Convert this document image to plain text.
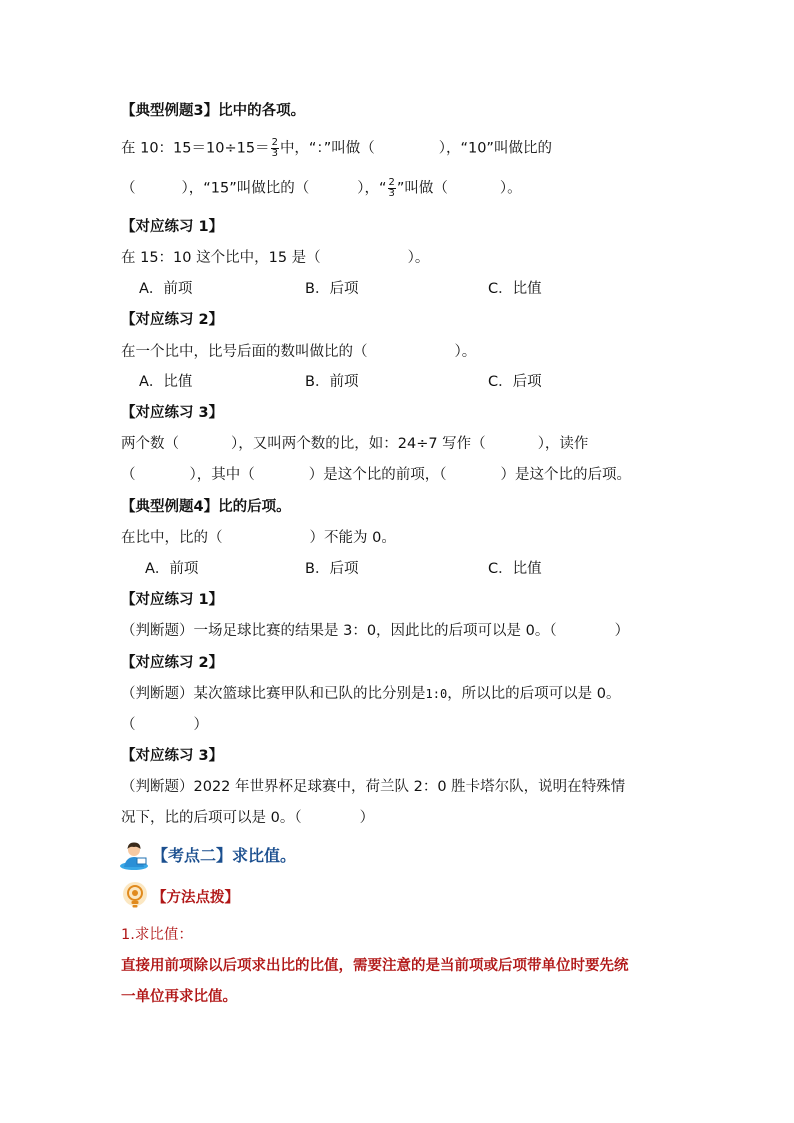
【典型例题3】比中的各项。
在 10：$15=10\div 15= \frac{2}{3}$ 中，“：”叫做（	），“10”叫做比的
（	），“15”叫做比的（	），“ $\frac{2}{3}$ ”叫做（	）。
【对应练习 1】
在 15：10 这个比中，15 是（　　　　　　）。
A．前项	B．后项	C．比值
【对应练习 2】
在一个比中，比号后面的数叫做比的（　　　　　　）。
A．比值	B．前项	C．后项
【对应练习 3】
两个数（	），又叫两个数的比，如：24÷7 写作（	），读作
（	），其中（	）是这个比的前项，（	）是这个比的后项。
【典型例题4】比的后项。
在比中，比的（　　　　　　）不能为 0。
A．前项	B．后项	C．比值
【对应练习 1】
（判断题）一场足球比赛的结果是 3：0，因此比的后项可以是 0。（　　　　）
【对应练习 2】
（判断题）某次篮球比赛甲队和已队的比分别是1:0，所以比的后项可以是 0。
（　　　　）
【对应练习 3】
（判断题）2022 年世界杯足球赛中，荷兰队 2：0 胜卡塔尔队，说明在特殊情
况下，比的后项可以是 0。（　　　　）
【考点二】求比值。
【方法点拨】
1.求比值：
直接用前项除以后项求出比的比值，需要注意的是当前项或后项带单位时要先统
一单位再求比值。
